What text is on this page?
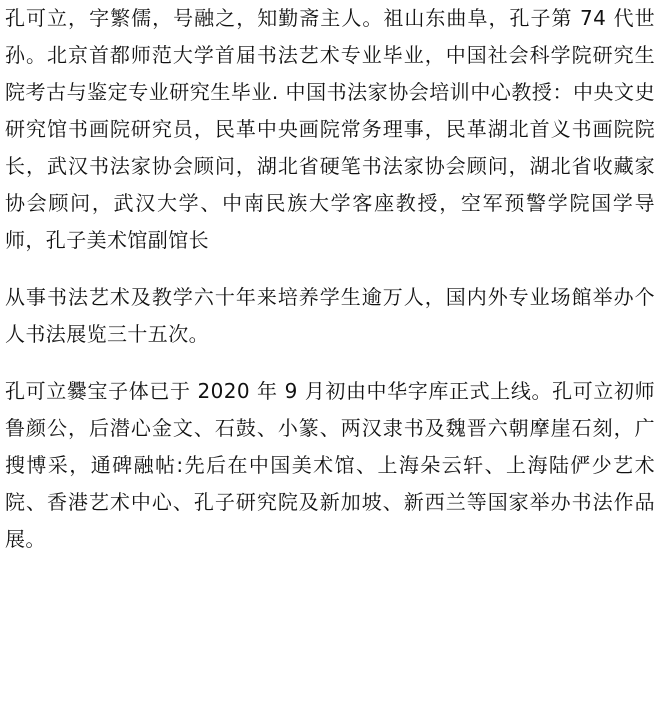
孔可立，字繁儒，号融之，知勤斋主人。祖山东曲阜，孔子第 74 代世孙。北京首都师范大学首届书法艺术专业毕业，中国社会科学院研究生院考古与鉴定专业研究生毕业. 中国书法家协会培训中心教授：中央文史研究馆书画院研究员，民革中央画院常务理事，民革湖北首义书画院院长，武汉书法家协会顾问，湖北省硬笔书法家协会顾问，湖北省收藏家协会顾问，武汉大学、中南民族大学客座教授，空军预警学院国学导师，孔子美术馆副馆长

从事书法艺术及教学六十年来培养学生逾万人，国内外专业场館举办个人书法展览三十五次。

孔可立爨宝子体已于 2020 年 9 月初由中华字库正式上线。孔可立初师鲁颜公，后潜心金文、石鼓、小篆、两汉隶书及魏晋六朝摩崖石刻，广搜博采，通碑融帖:先后在中国美术馆、上海朵云轩、上海陆俨少艺术院、香港艺术中心、孔子研究院及新加坡、新西兰等国家举办书法作品展。
